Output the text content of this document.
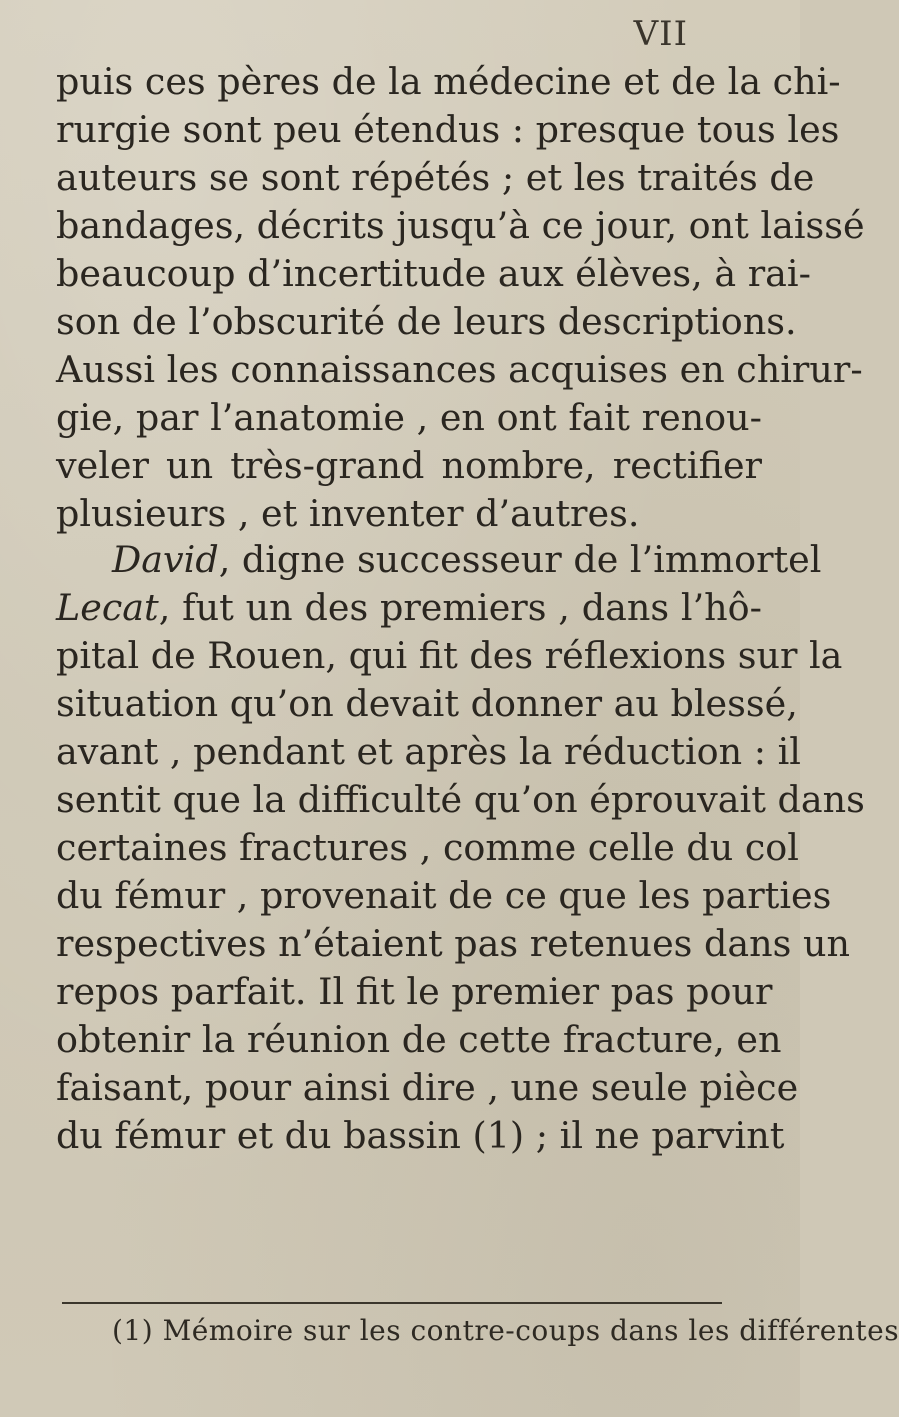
VII
puis ces pères de la médecine et de la chi-
rurgie sont peu étendus : presque tous les
auteurs se sont répétés ; et les traités de
bandages, décrits jusqu’à ce jour, ont laissé
beaucoup d’incertitude aux élèves, à rai-
son de l’obscurité de leurs descriptions.
Aussi les connaissances acquises en chirur-
gie, par l’anatomie , en ont fait renou-
veler un très-grand nombre, rectifier
plusieurs , et inventer d’autres.
David, digne successeur de l’immortel
Lecat, fut un des premiers , dans l’hô-
pital de Rouen, qui fit des réflexions sur la
situation qu’on devait donner au blessé,
avant , pendant et après la réduction : il
sentit que la difficulté qu’on éprouvait dans
certaines fractures , comme celle du col
du fémur , provenait de ce que les parties
respectives n’étaient pas retenues dans un
repos parfait. Il fit le premier pas pour
obtenir la réunion de cette fracture, en
faisant, pour ainsi dire , une seule pièce
du fémur et du bassin (1) ; il ne parvint
(1) Mémoire sur les contre-coups dans les différentes
